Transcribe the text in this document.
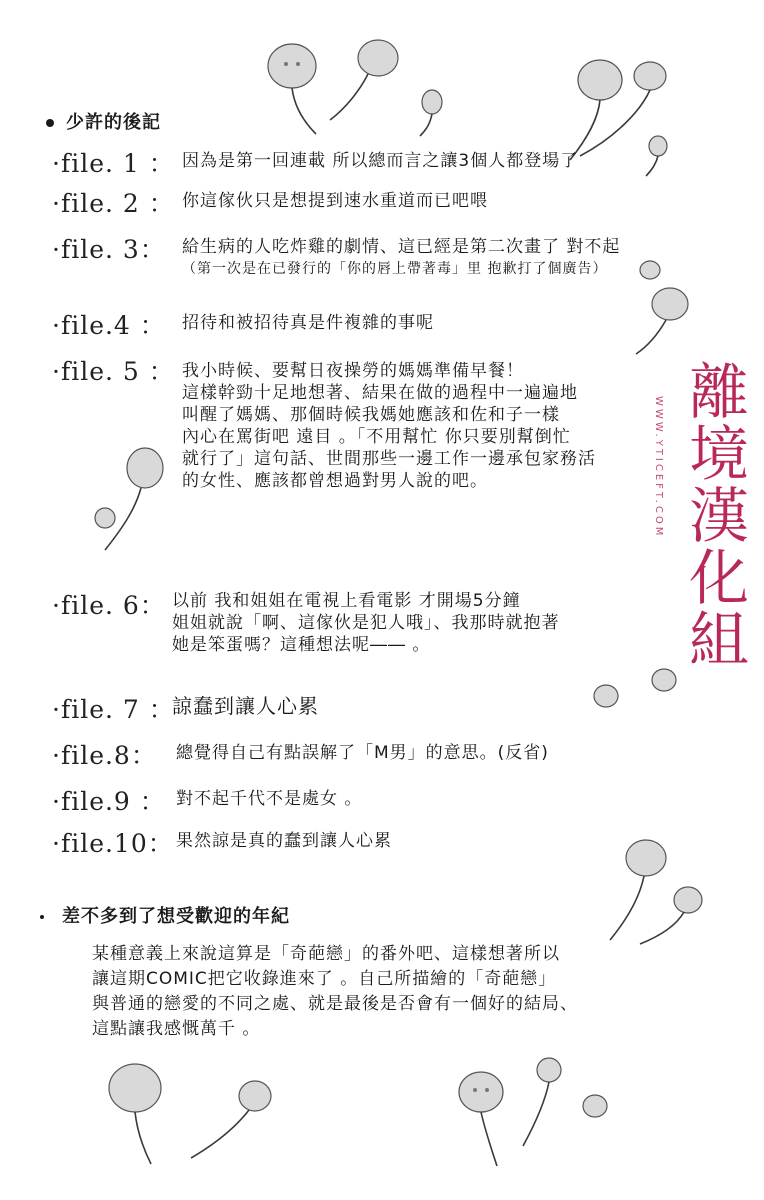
少許的後記
·file. 1 ： 因為是第一回連載 所以總而言之讓3個人都登場了
·file. 2 ： 你這傢伙只是想提到速水重道而已吧喂
·file. 3： 給生病的人吃炸雞的劇情、這已經是第二次畫了 對不起
（第一次是在已發行的「你的唇上帶著毒」里 抱歉打了個廣告）
·file.4 ： 招待和被招待真是件複雜的事呢
·file. 5 ： 我小時候、要幫日夜操勞的媽媽準備早餐！
這樣幹勁十足地想著、結果在做的過程中一遍遍地
叫醒了媽媽、那個時候我媽她應該和佐和子一樣
內心在罵街吧 遠目 。「不用幫忙 你只要別幫倒忙
就行了」這句話、世間那些一邊工作一邊承包家務活
的女性、應該都曾想過對男人說的吧。
·file. 6： 以前 我和姐姐在電視上看電影 才開場5分鐘
姐姐就說「啊、這傢伙是犯人哦」、我那時就抱著
她是笨蛋嗎？這種想法呢―― 。
·file. 7 ：
諒蠢到讓人心累
·file.8：	總覺得自己有點誤解了「M男」的意思。(反省)
·file.9 ： 對不起千代不是處女 。
·file.10： 果然諒是真的蠢到讓人心累
差不多到了想受歡迎的年紀
某種意義上來說這算是「奇葩戀」的番外吧、這樣想著所以
讓這期COMIC把它收錄進來了 。自己所描繪的「奇葩戀」
與普通的戀愛的不同之處、就是最後是否會有一個好的結局、
這點讓我感慨萬千 。
離境漢化組
WWW.YTICEFT.COM
